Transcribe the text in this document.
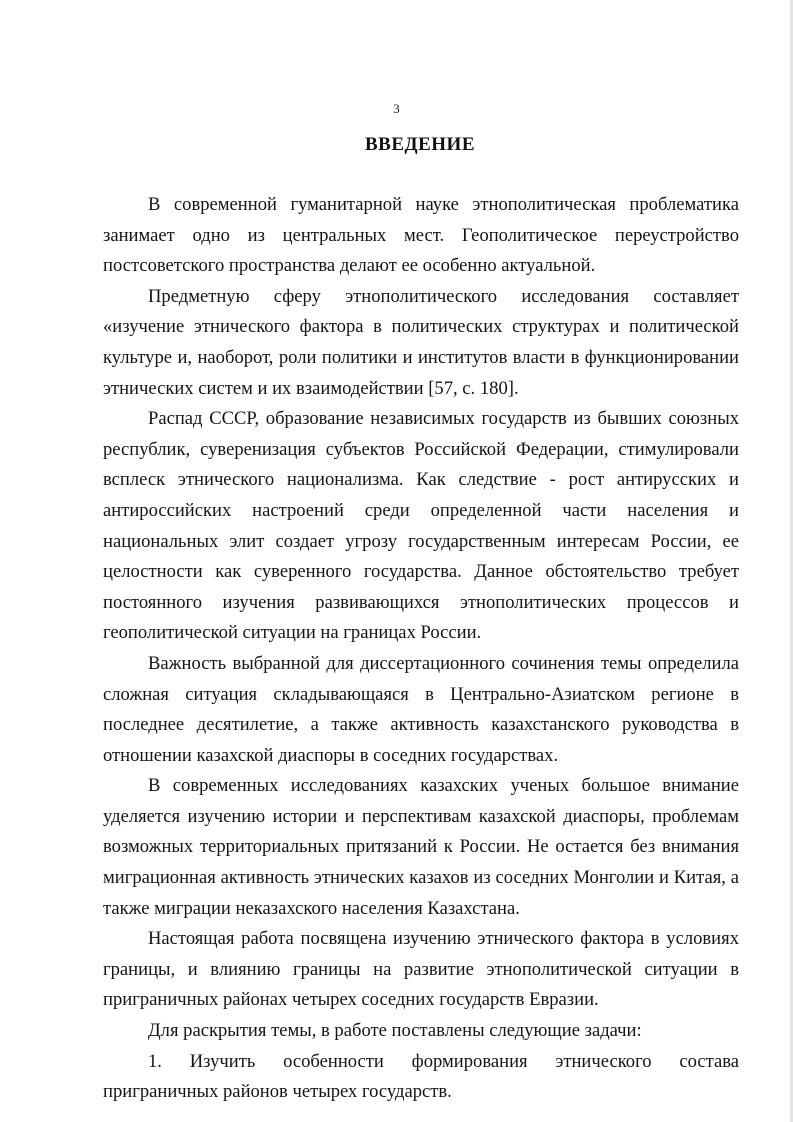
3
ВВЕДЕНИЕ

В современной гуманитарной науке этнополитическая проблематика занимает одно из центральных мест. Геополитическое переустройство постсоветского пространства делают ее особенно актуальной.

Предметную сферу этнополитического исследования составляет «изучение этнического фактора в политических структурах и политической культуре и, наоборот, роли политики и институтов власти в функционировании этнических систем и их взаимодействии [57, с. 180].

Распад СССР, образование независимых государств из бывших союзных республик, суверенизация субъектов Российской Федерации, стимулировали всплеск этнического национализма. Как следствие - рост антирусских и антироссийских настроений среди определенной части населения и национальных элит создает угрозу государственным интересам России, ее целостности как суверенного государства. Данное обстоятельство требует постоянного изучения развивающихся этнополитических процессов и геополитической ситуации на границах России.

Важность выбранной для диссертационного сочинения темы определила сложная ситуация складывающаяся в Центрально-Азиатском регионе в последнее десятилетие, а также активность казахстанского руководства в отношении казахской диаспоры в соседних государствах.

В современных исследованиях казахских ученых большое внимание уделяется изучению истории и перспективам казахской диаспоры, проблемам возможных территориальных притязаний к России. Не остается без внимания миграционная активность этнических казахов из соседних Монголии и Китая, а также миграции неказахского населения Казахстана.

Настоящая работа посвящена изучению этнического фактора в условиях границы, и влиянию границы на развитие этнополитической ситуации в приграничных районах четырех соседних государств Евразии.

Для раскрытия темы, в работе поставлены следующие задачи:

1. Изучить особенности формирования этнического состава приграничных районов четырех государств.
